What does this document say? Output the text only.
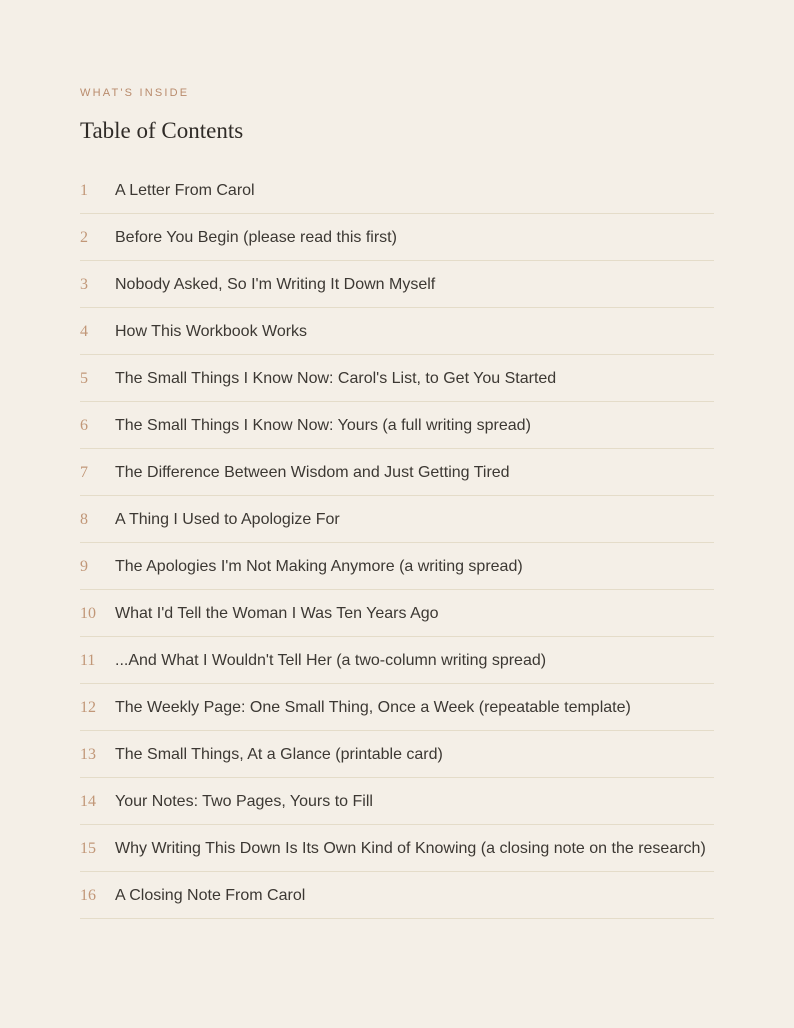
WHAT'S INSIDE

Table of Contents
1	A Letter From Carol
2	Before You Begin (please read this first)
3	Nobody Asked, So I'm Writing It Down Myself
4	How This Workbook Works
5	The Small Things I Know Now: Carol's List, to Get You Started
6	The Small Things I Know Now: Yours (a full writing spread)
7	The Difference Between Wisdom and Just Getting Tired
8	A Thing I Used to Apologize For
9	The Apologies I'm Not Making Anymore (a writing spread)
10	What I'd Tell the Woman I Was Ten Years Ago
11	...And What I Wouldn't Tell Her (a two-column writing spread)
12	The Weekly Page: One Small Thing, Once a Week (repeatable template)
13	The Small Things, At a Glance (printable card)
14	Your Notes: Two Pages, Yours to Fill
15	Why Writing This Down Is Its Own Kind of Knowing (a closing note on the research)
16	A Closing Note From Carol
